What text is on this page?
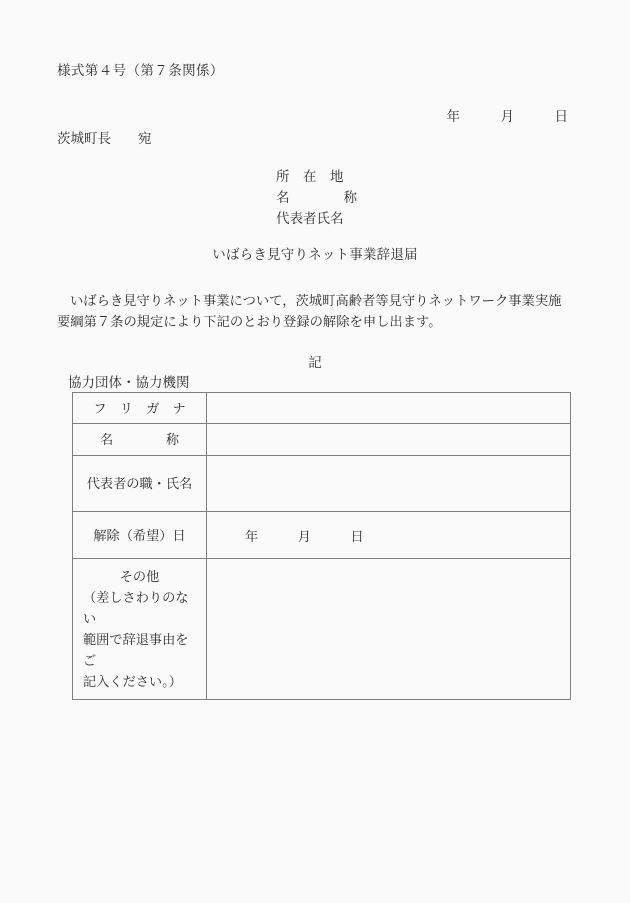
様式第４号（第７条関係）
年　　　月　　　日
茨城町長　　宛
所　在　地
名　　　　称
代表者氏名
いばらき見守りネット事業辞退届
いばらき見守りネット事業について，茨城町高齢者等見守りネットワーク事業実施
要綱第７条の規定により下記のとおり登録の解除を申し出ます。
記
協力団体・協力機関
フ　リ　ガ　ナ	
名　　　　称	
代表者の職・氏名	
解除（希望）日	年　　　月　　　日

その他
（差しさわりのない
範囲で辞退事由をご
記入ください。）	
